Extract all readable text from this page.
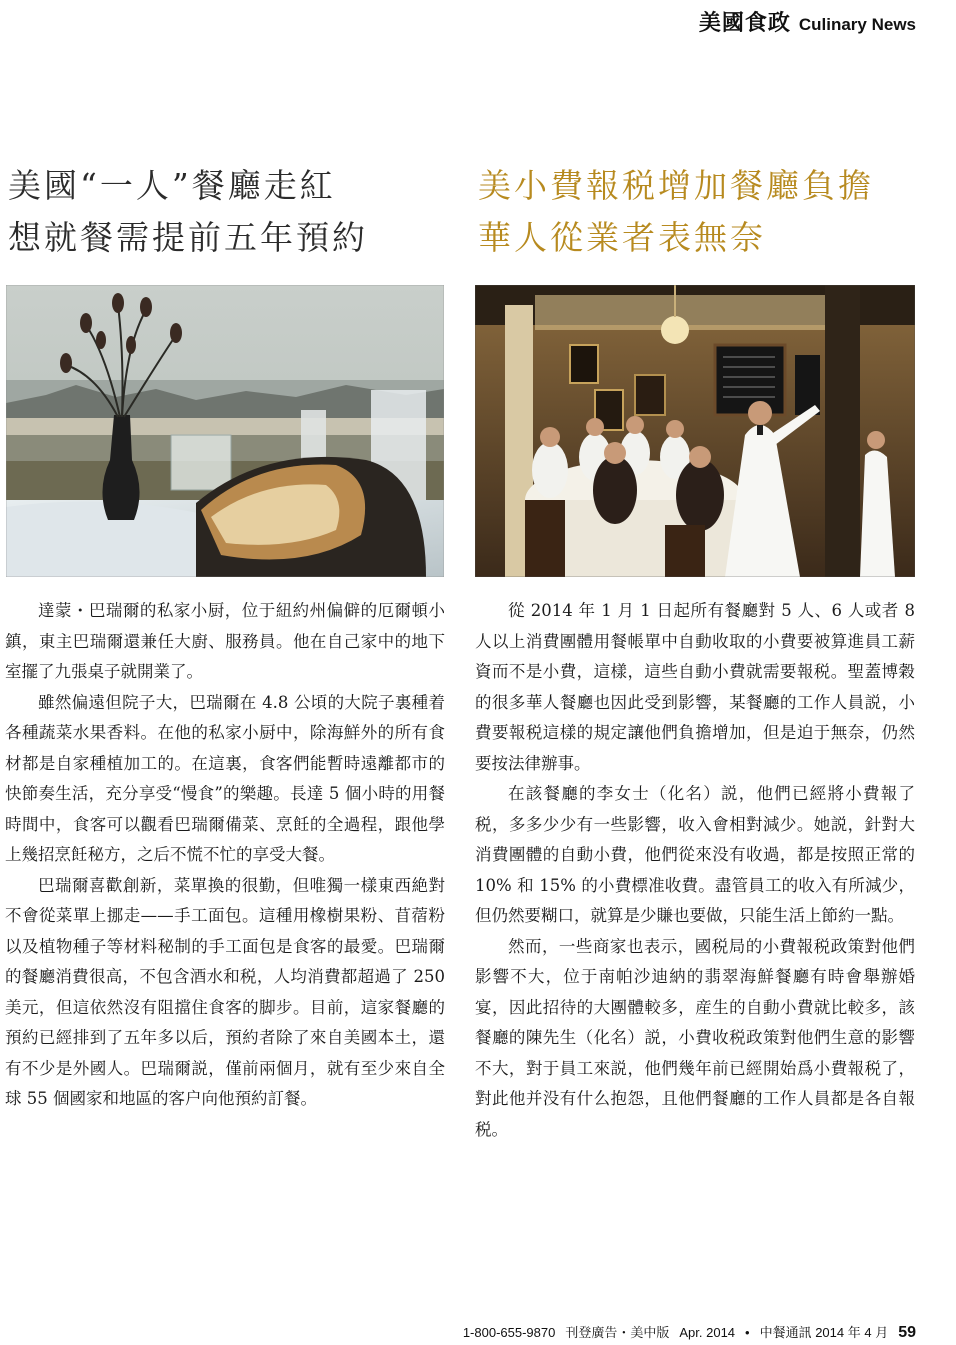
美國食政 Culinary News
美國“一人”餐廳走紅
想就餐需提前五年預約
美小費報税增加餐廳負擔
華人從業者表無奈

達蒙・巴瑞爾的私家小厨，位于紐約州偏僻的厄爾頓小鎮，東主巴瑞爾還兼任大廚、服務員。他在自己家中的地下室擺了九張桌子就開業了。

雖然偏遠但院子大，巴瑞爾在 4.8 公頃的大院子裏種着各種蔬菜水果香料。在他的私家小厨中，除海鮮外的所有食材都是自家種植加工的。在這裏，食客們能暫時遠離都市的快節奏生活，充分享受“慢食”的樂趣。長達 5 個小時的用餐時間中，食客可以觀看巴瑞爾備菜、烹飪的全過程，跟他學上幾招烹飪秘方，之后不慌不忙的享受大餐。

巴瑞爾喜歡創新，菜單換的很勤，但唯獨一樣東西絶對不會從菜單上挪走——手工面包。這種用橡樹果粉、苜蓿粉以及植物種子等材料秘制的手工面包是食客的最愛。巴瑞爾的餐廳消費很高，不包含酒水和税，人均消費都超過了 250 美元，但這依然沒有阻擋住食客的脚步。目前，這家餐廳的預約已經排到了五年多以后，預約者除了來自美國本土，還有不少是外國人。巴瑞爾説，僅前兩個月，就有至少來自全球 55 個國家和地區的客户向他預約訂餐。

從 2014 年 1 月 1 日起所有餐廳對 5 人、6 人或者 8 人以上消費團體用餐帳單中自動收取的小費要被算進員工薪資而不是小費，這樣，這些自動小費就需要報税。聖蓋博穀的很多華人餐廳也因此受到影響，某餐廳的工作人員説，小費要報税這樣的規定讓他們負擔增加，但是迫于無奈，仍然要按法律辦事。

在該餐廳的李女士（化名）説，他們已經將小費報了税，多多少少有一些影響，收入會相對減少。她説，針對大消費團體的自動小費，他們從來没有收過，都是按照正常的 10% 和 15% 的小費標准收費。盡管員工的收入有所減少，但仍然要糊口，就算是少賺也要做，只能生活上節約一點。

然而，一些商家也表示，國税局的小費報税政策對他們影響不大，位于南帕沙迪納的翡翠海鮮餐廳有時會舉辦婚宴，因此招待的大團體較多，産生的自動小費就比較多，該餐廳的陳先生（化名）説，小費收税政策對他們生意的影響不大，對于員工來説，他們幾年前已經開始爲小費報税了，對此他并没有什么抱怨，且他們餐廳的工作人員都是各自報税。

1-800-655-9870 刊登廣告・美中版 Apr. 2014 • 中餐通訊 2014 年 4 月 59
